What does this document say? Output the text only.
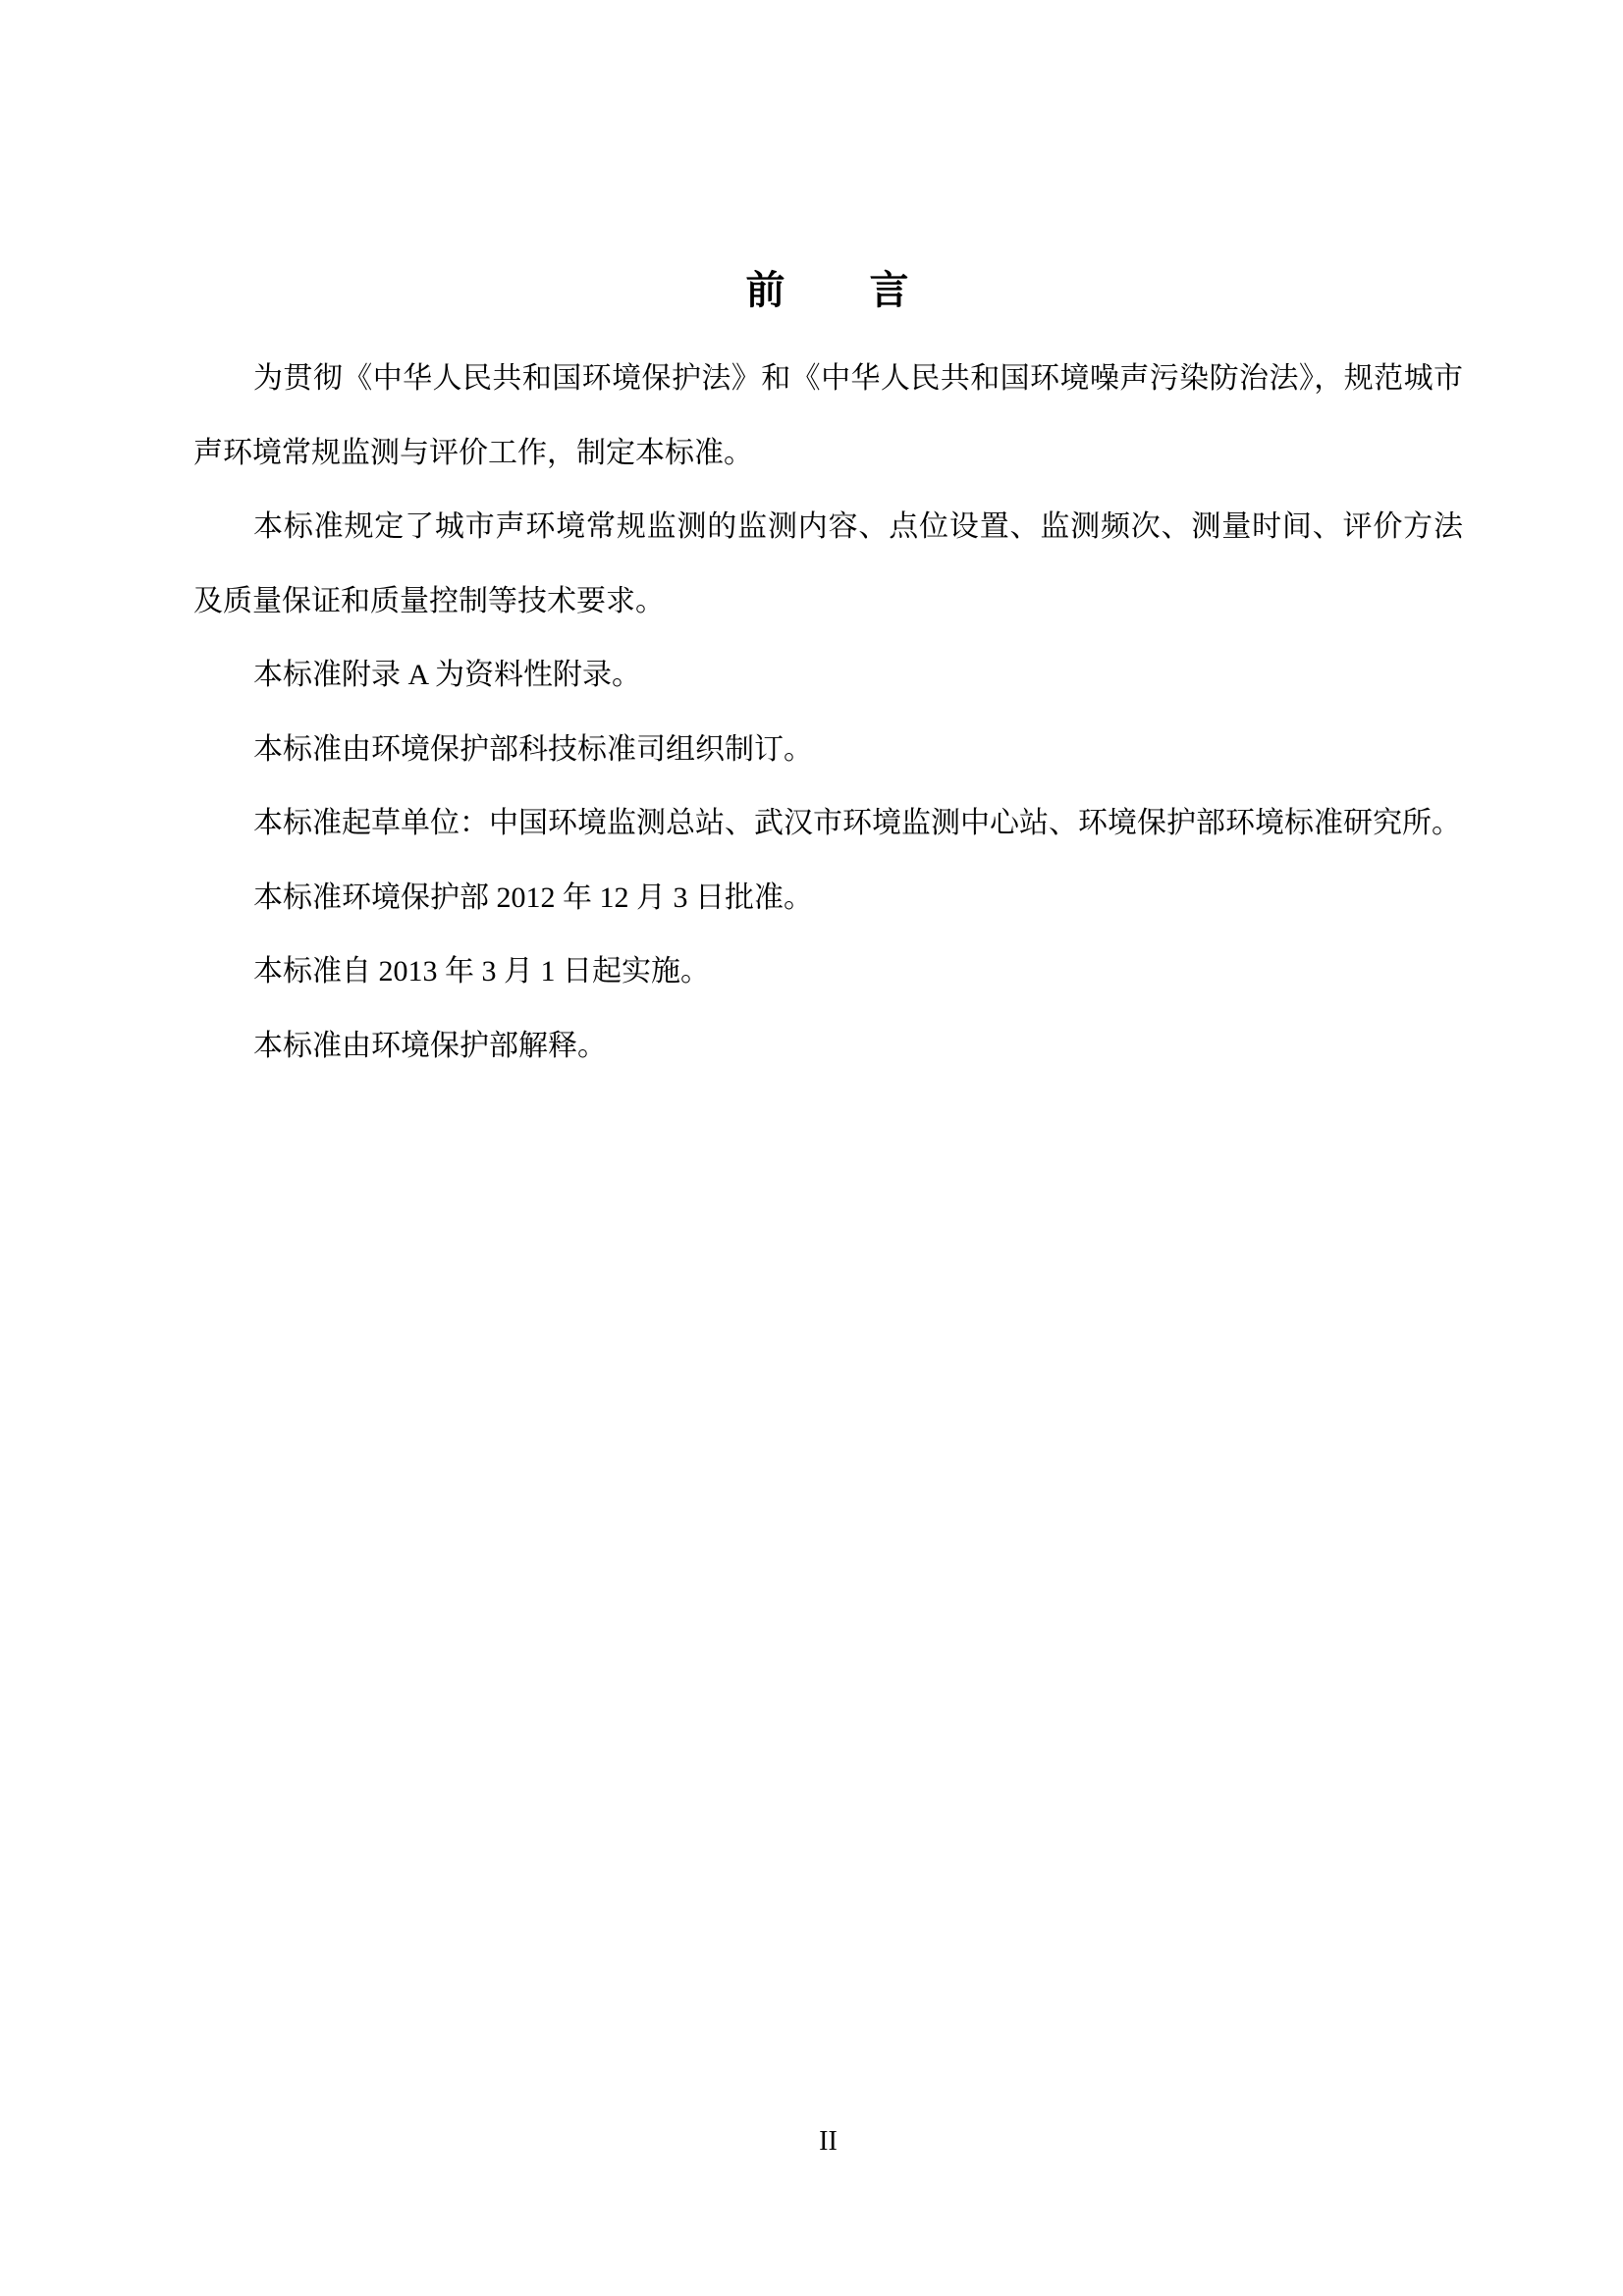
前　　言

为贯彻《中华人民共和国环境保护法》和《中华人民共和国环境噪声污染防治法》，规范城市
声环境常规监测与评价工作，制定本标准。

本标准规定了城市声环境常规监测的监测内容、点位设置、监测频次、测量时间、评价方法
及质量保证和质量控制等技术要求。

本标准附录 A 为资料性附录。

本标准由环境保护部科技标准司组织制订。

本标准起草单位：中国环境监测总站、武汉市环境监测中心站、环境保护部环境标准研究所。

本标准环境保护部 2012 年 12 月 3 日批准。

本标准自 2013 年 3 月 1 日起实施。

本标准由环境保护部解释。

II
